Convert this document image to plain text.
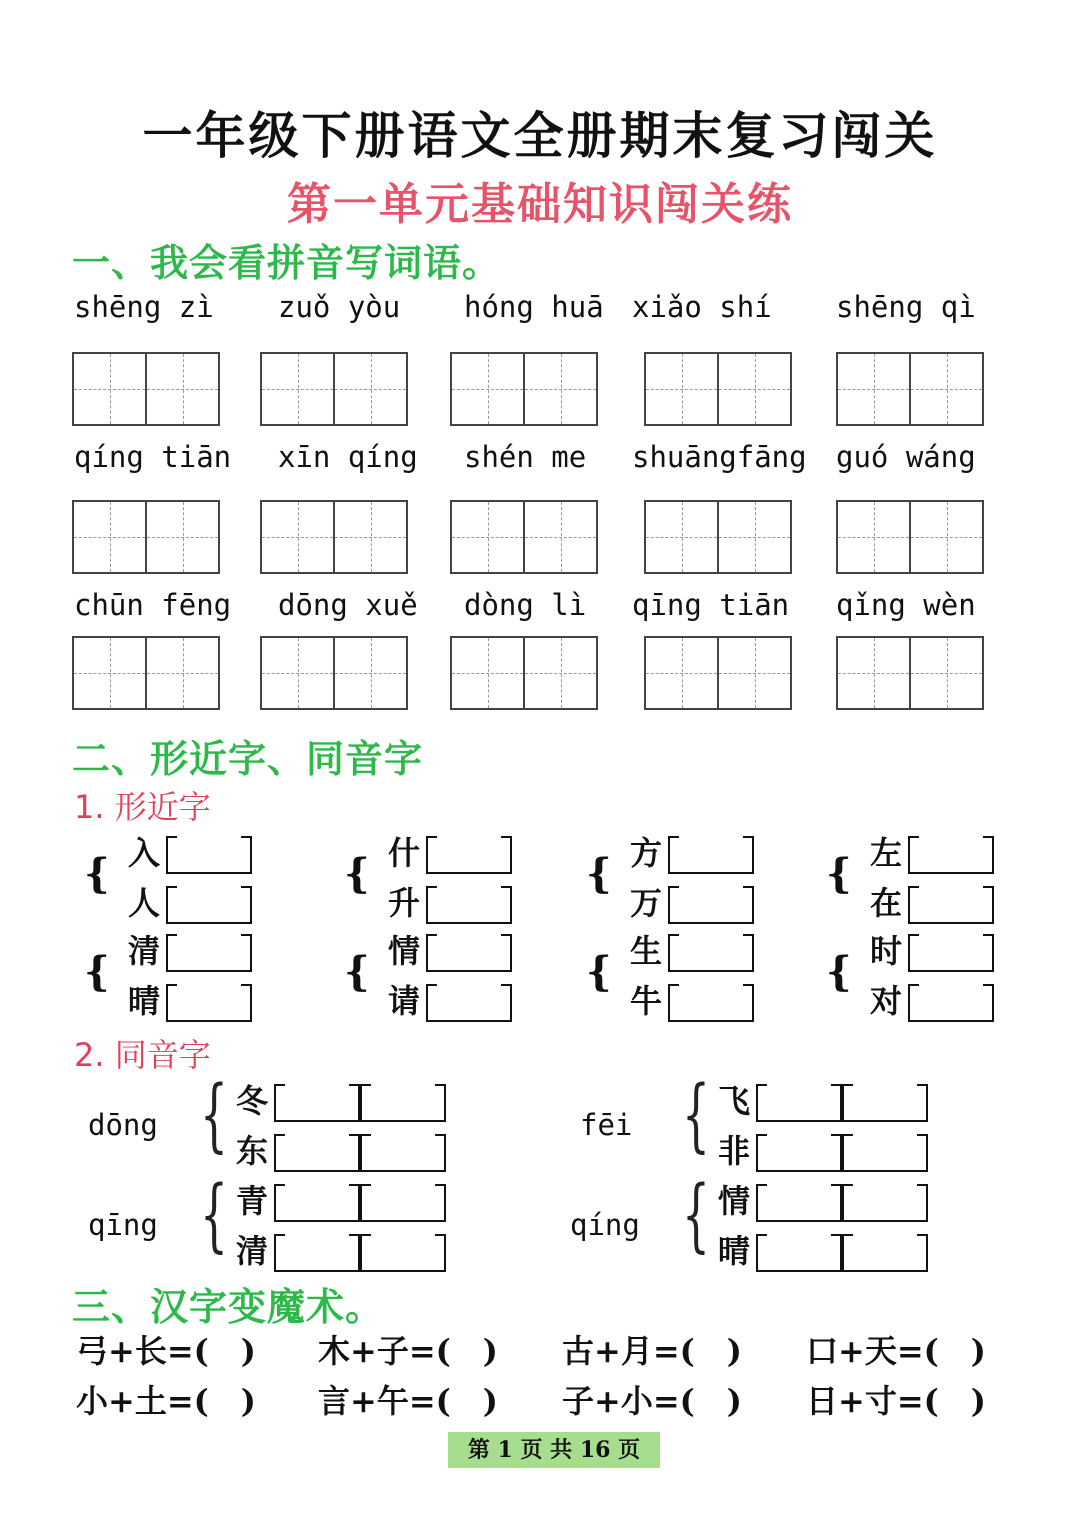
一年级下册语文全册期末复习闯关
第一单元基础知识闯关练
一、我会看拼音写词语。
shēng zì zuǒ yòu hóng huā xiǎo shí shēng qì
qíng tiān xīn qíng shén me shuāngfāng guó wáng
chūn fēng dōng xuě dòng lì qīng tiān qǐng wèn
二、形近字、同音字
1. 形近字
{ 入
人
{ 什
升
{ 方
万
{ 左
在
{ 清
晴
{ 情
请
{ 生
牛
{ 时
对
2. 同音字
dōng { 冬
东
fēi { 飞
非
qīng { 青
清
qíng { 情
晴
三、汉字变魔术。
弓+长=(　) 木+子=(　) 古+月=(　) 口+天=(　)
小+土=(　) 言+午=(　) 子+小=(　) 日+寸=(　)
第 1 页 共 16 页
